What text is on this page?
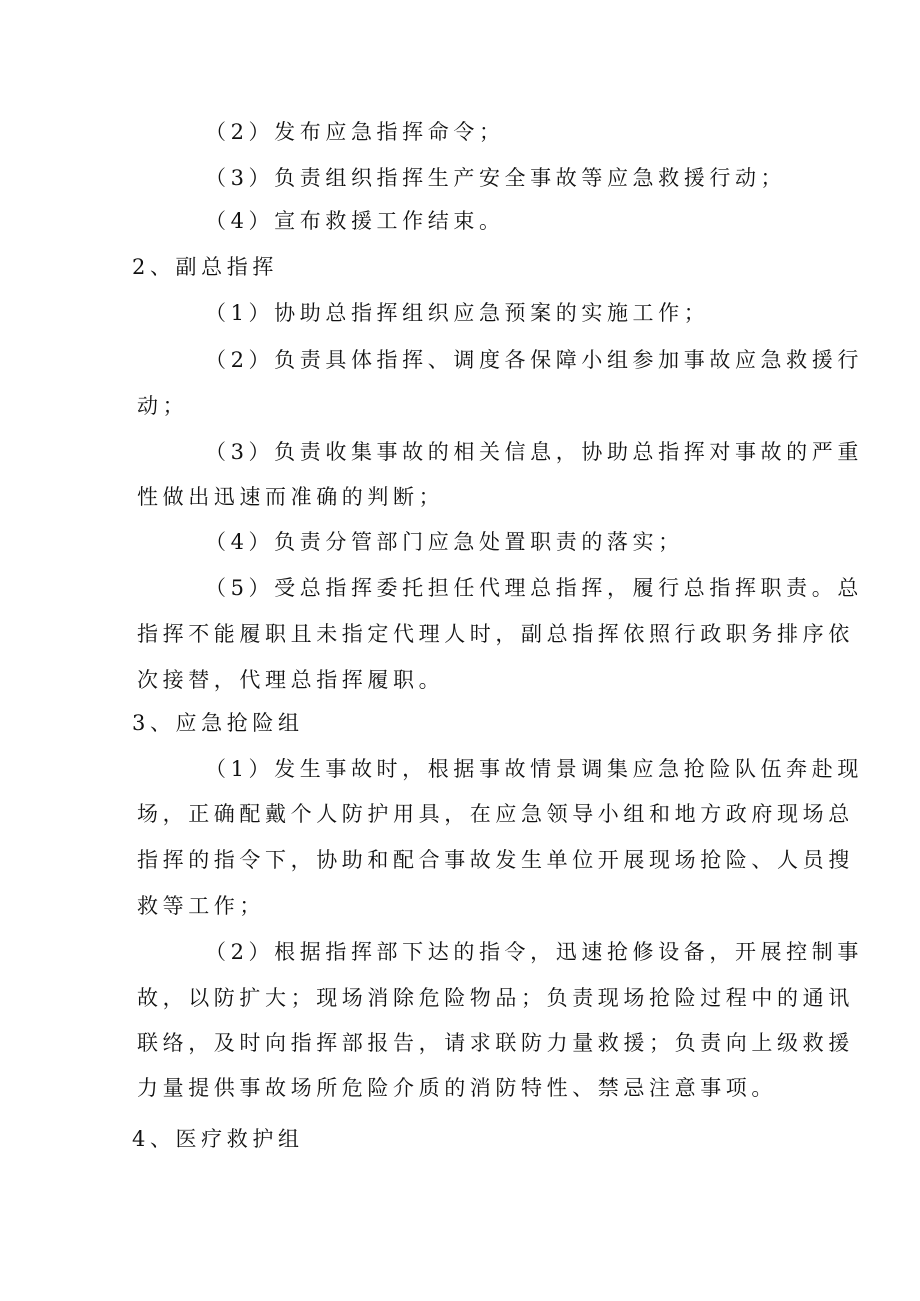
（2）发布应急指挥命令；

（3）负责组织指挥生产安全事故等应急救援行动；

（4）宣布救援工作结束。

2、副总指挥

（1）协助总指挥组织应急预案的实施工作；

（2）负责具体指挥、调度各保障小组参加事故应急救援行

动；

（3）负责收集事故的相关信息，协助总指挥对事故的严重

性做出迅速而准确的判断；

（4）负责分管部门应急处置职责的落实；

（5）受总指挥委托担任代理总指挥，履行总指挥职责。总

指挥不能履职且未指定代理人时，副总指挥依照行政职务排序依

次接替，代理总指挥履职。

3、应急抢险组

（1）发生事故时，根据事故情景调集应急抢险队伍奔赴现

场，正确配戴个人防护用具，在应急领导小组和地方政府现场总

指挥的指令下，协助和配合事故发生单位开展现场抢险、人员搜

救等工作；

（2）根据指挥部下达的指令，迅速抢修设备，开展控制事

故，以防扩大；现场消除危险物品；负责现场抢险过程中的通讯

联络，及时向指挥部报告，请求联防力量救援；负责向上级救援

力量提供事故场所危险介质的消防特性、禁忌注意事项。

4、医疗救护组
